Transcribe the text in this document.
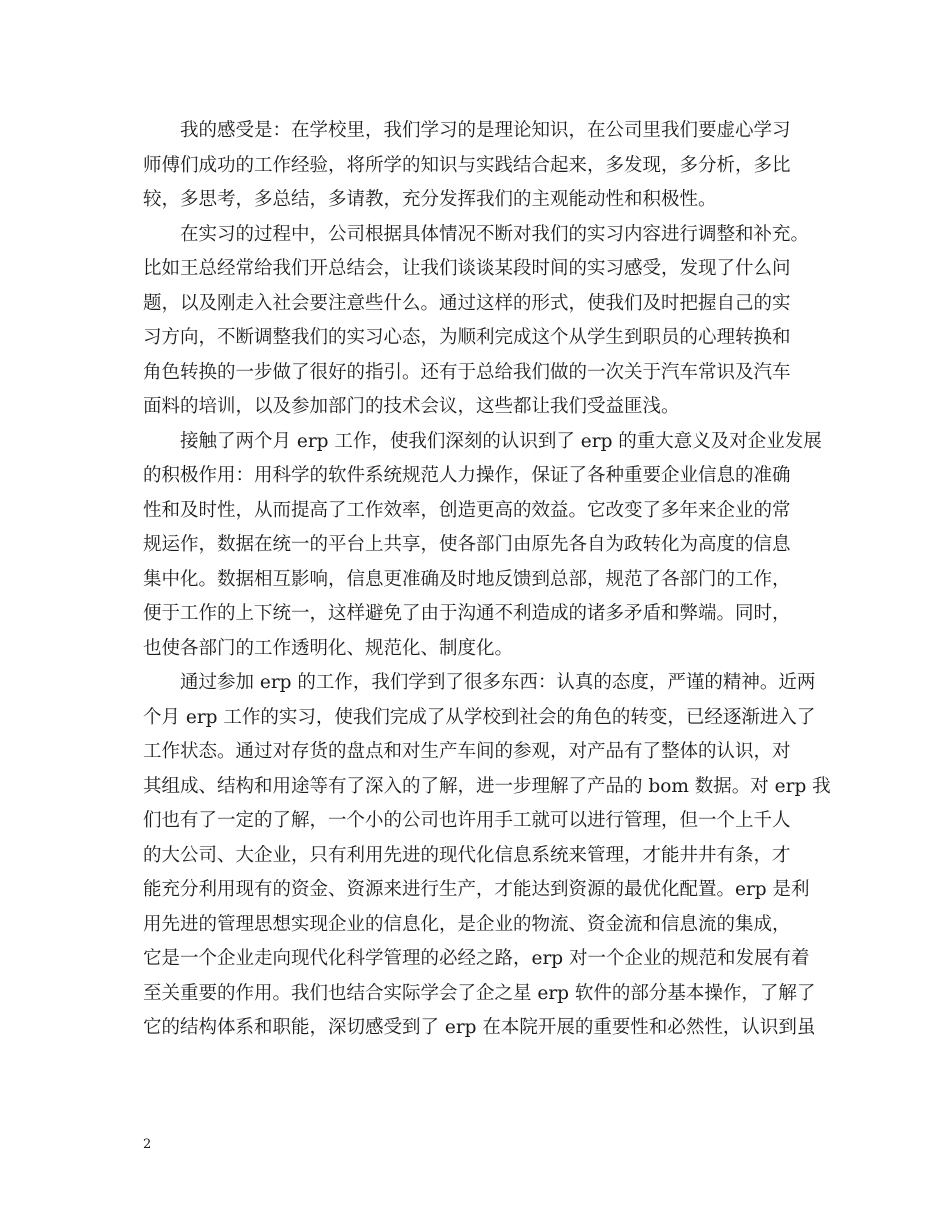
我的感受是：在学校里，我们学习的是理论知识，在公司里我们要虚心学习
师傅们成功的工作经验，将所学的知识与实践结合起来，多发现，多分析，多比
较，多思考，多总结，多请教，充分发挥我们的主观能动性和积极性。
在实习的过程中，公司根据具体情况不断对我们的实习内容进行调整和补充。
比如王总经常给我们开总结会，让我们谈谈某段时间的实习感受，发现了什么问
题，以及刚走入社会要注意些什么。通过这样的形式，使我们及时把握自己的实
习方向，不断调整我们的实习心态，为顺利完成这个从学生到职员的心理转换和
角色转换的一步做了很好的指引。还有于总给我们做的一次关于汽车常识及汽车
面料的培训，以及参加部门的技术会议，这些都让我们受益匪浅。
接触了两个月 erp 工作，使我们深刻的认识到了 erp 的重大意义及对企业发展
的积极作用：用科学的软件系统规范人力操作，保证了各种重要企业信息的准确
性和及时性，从而提高了工作效率，创造更高的效益。它改变了多年来企业的常
规运作，数据在统一的平台上共享，使各部门由原先各自为政转化为高度的信息
集中化。数据相互影响，信息更准确及时地反馈到总部，规范了各部门的工作，
便于工作的上下统一，这样避免了由于沟通不利造成的诸多矛盾和弊端。同时，
也使各部门的工作透明化、规范化、制度化。
通过参加 erp 的工作，我们学到了很多东西：认真的态度，严谨的精神。近两
个月 erp 工作的实习，使我们完成了从学校到社会的角色的转变，已经逐渐进入了
工作状态。通过对存货的盘点和对生产车间的参观，对产品有了整体的认识，对
其组成、结构和用途等有了深入的了解，进一步理解了产品的 bom 数据。对 erp 我
们也有了一定的了解，一个小的公司也许用手工就可以进行管理，但一个上千人
的大公司、大企业，只有利用先进的现代化信息系统来管理，才能井井有条，才
能充分利用现有的资金、资源来进行生产，才能达到资源的最优化配置。erp 是利
用先进的管理思想实现企业的信息化，是企业的物流、资金流和信息流的集成，
它是一个企业走向现代化科学管理的必经之路，erp 对一个企业的规范和发展有着
至关重要的作用。我们也结合实际学会了企之星 erp 软件的部分基本操作，了解了
它的结构体系和职能，深切感受到了 erp 在本院开展的重要性和必然性，认识到虽
2
